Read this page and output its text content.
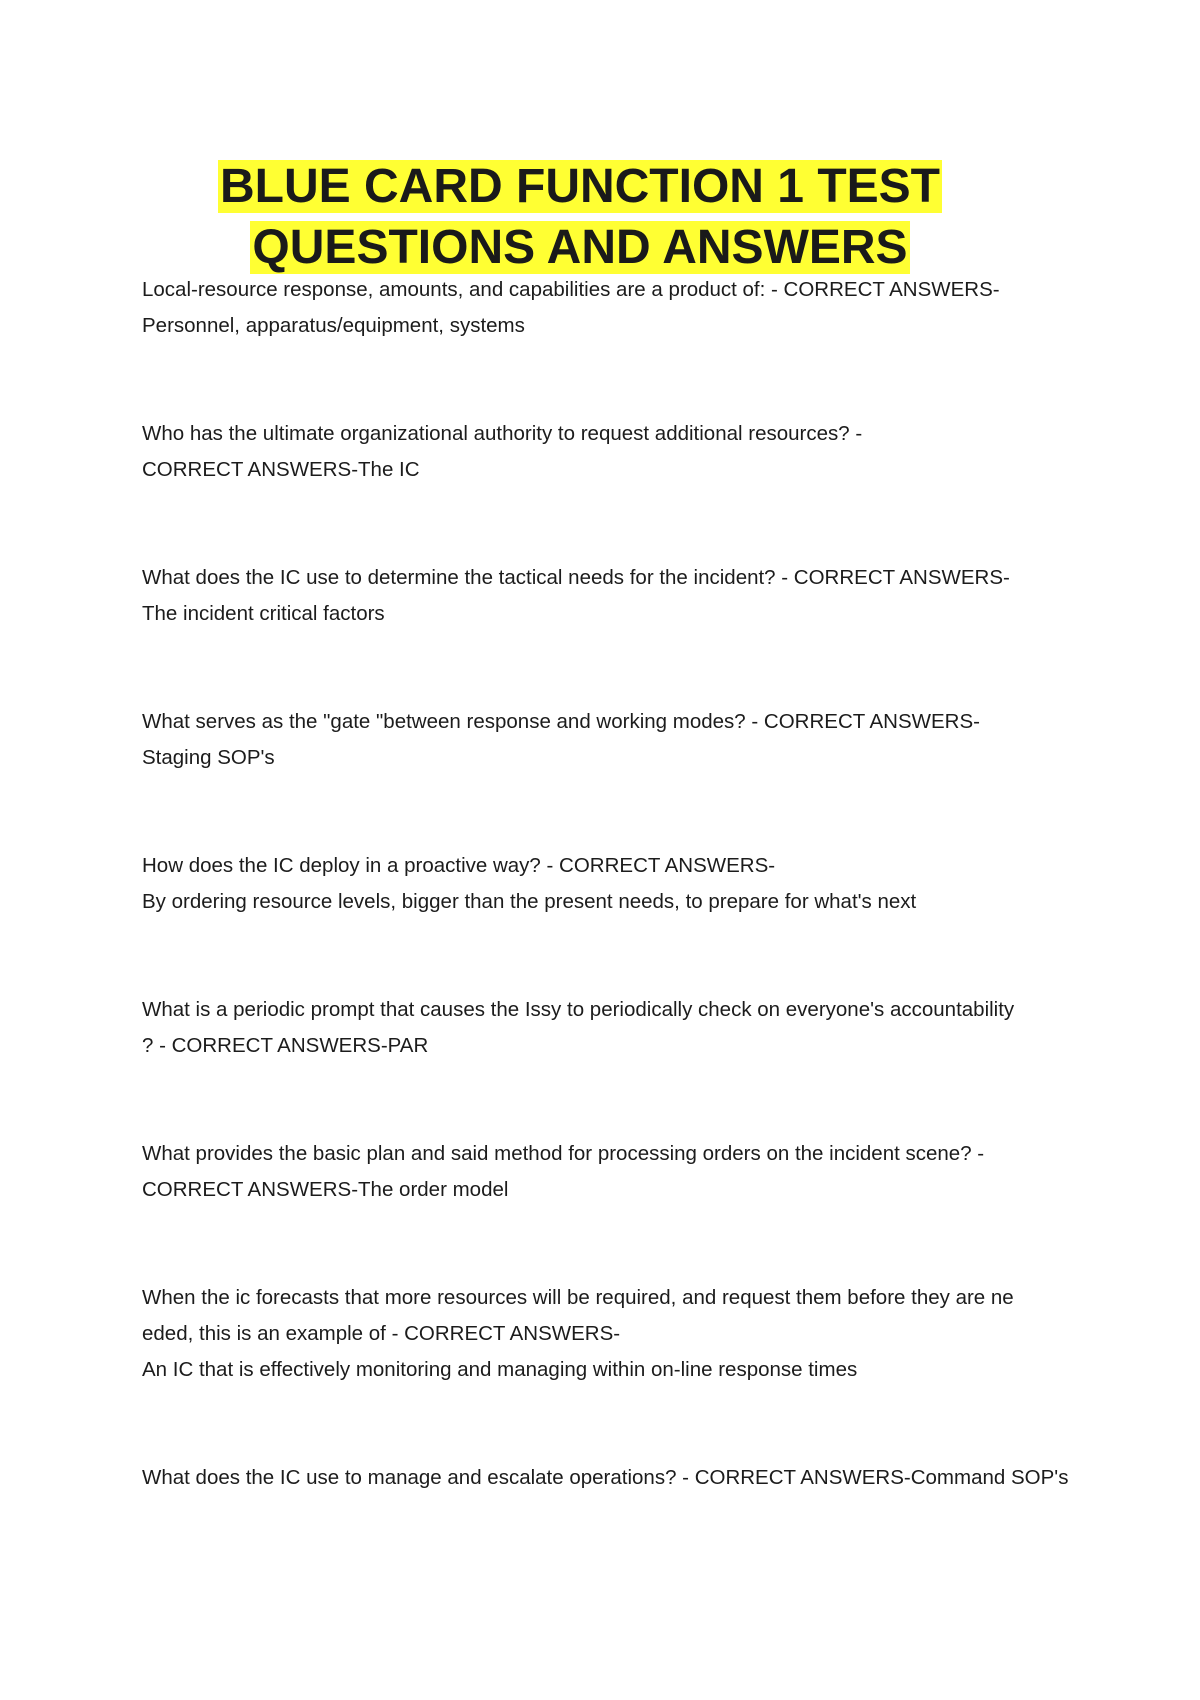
BLUE CARD FUNCTION 1 TEST
QUESTIONS AND ANSWERS

Local-resource response, amounts, and capabilities are a product of: - CORRECT ANSWERS-
Personnel, apparatus/equipment, systems

Who has the ultimate organizational authority to request additional resources? -
CORRECT ANSWERS-The IC

What does the IC use to determine the tactical needs for the incident? - CORRECT ANSWERS-
The incident critical factors

What serves as the "gate "between response and working modes? - CORRECT ANSWERS-
Staging SOP's

How does the IC deploy in a proactive way? - CORRECT ANSWERS-
By ordering resource levels, bigger than the present needs, to prepare for what's next

What is a periodic prompt that causes the Issy to periodically check on everyone's accountability
? - CORRECT ANSWERS-PAR

What provides the basic plan and said method for processing orders on the incident scene? -
CORRECT ANSWERS-The order model

When the ic forecasts that more resources will be required, and request them before they are ne
eded, this is an example of - CORRECT ANSWERS-
An IC that is effectively monitoring and managing within on-line response times

What does the IC use to manage and escalate operations? - CORRECT ANSWERS-Command SOP's
